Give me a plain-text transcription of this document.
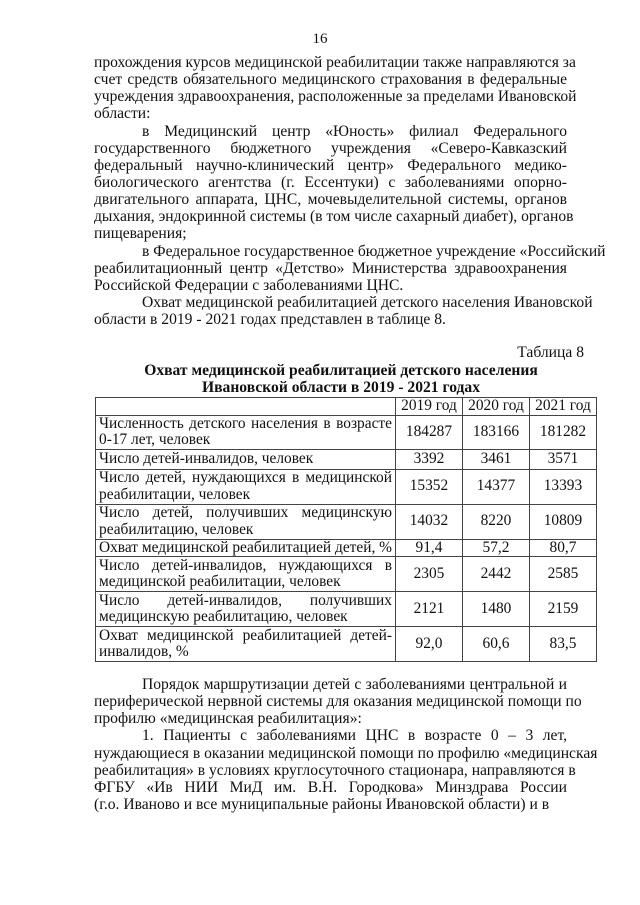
16
прохождения курсов медицинской реабилитации также направляются за
счет средств обязательного медицинского страхования в федеральные
учреждения здравоохранения, расположенные за пределами Ивановской
области:
в Медицинский центр «Юность» филиал Федерального
государственного бюджетного учреждения «Северо-Кавказский
федеральный научно-клинический центр» Федерального медико-
биологического агентства (г. Ессентуки) с заболеваниями опорно-
двигательного аппарата, ЦНС, мочевыделительной системы, органов
дыхания, эндокринной системы (в том числе сахарный диабет), органов
пищеварения;
в Федеральное государственное бюджетное учреждение «Российский
реабилитационный центр «Детство» Министерства здравоохранения
Российской Федерации с заболеваниями ЦНС.
Охват медицинской реабилитацией детского населения Ивановской
области в 2019 - 2021 годах представлен в таблице 8.
Таблица 8
Охват медицинской реабилитацией детского населения
Ивановской области в 2019 - 2021 годах
	2019 год	2020 год	2021 год

Численность детского населения в возрасте
0-17 лет, человек	184287	183166	181282

Число детей-инвалидов, человек	3392	3461	3571

Число детей, нуждающихся в медицинской
реабилитации, человек	15352	14377	13393

Число детей, получивших медицинскую
реабилитацию, человек	14032	8220	10809

Охват медицинской реабилитацией детей, %	91,4	57,2	80,7

Число детей-инвалидов, нуждающихся в
медицинской реабилитации, человек	2305	2442	2585

Число детей-инвалидов, получивших
медицинскую реабилитацию, человек	2121	1480	2159

Охват медицинской реабилитацией детей-
инвалидов, %	92,0	60,6	83,5
Порядок маршрутизации детей с заболеваниями центральной и
периферической нервной системы для оказания медицинской помощи по
профилю «медицинская реабилитация»:
1. Пациенты с заболеваниями ЦНС в возрасте 0 – 3 лет,
нуждающиеся в оказании медицинской помощи по профилю «медицинская
реабилитация» в условиях круглосуточного стационара, направляются в
ФГБУ «Ив НИИ МиД им. В.Н. Городкова» Минздрава России
(г.о. Иваново и все муниципальные районы Ивановской области) и в
